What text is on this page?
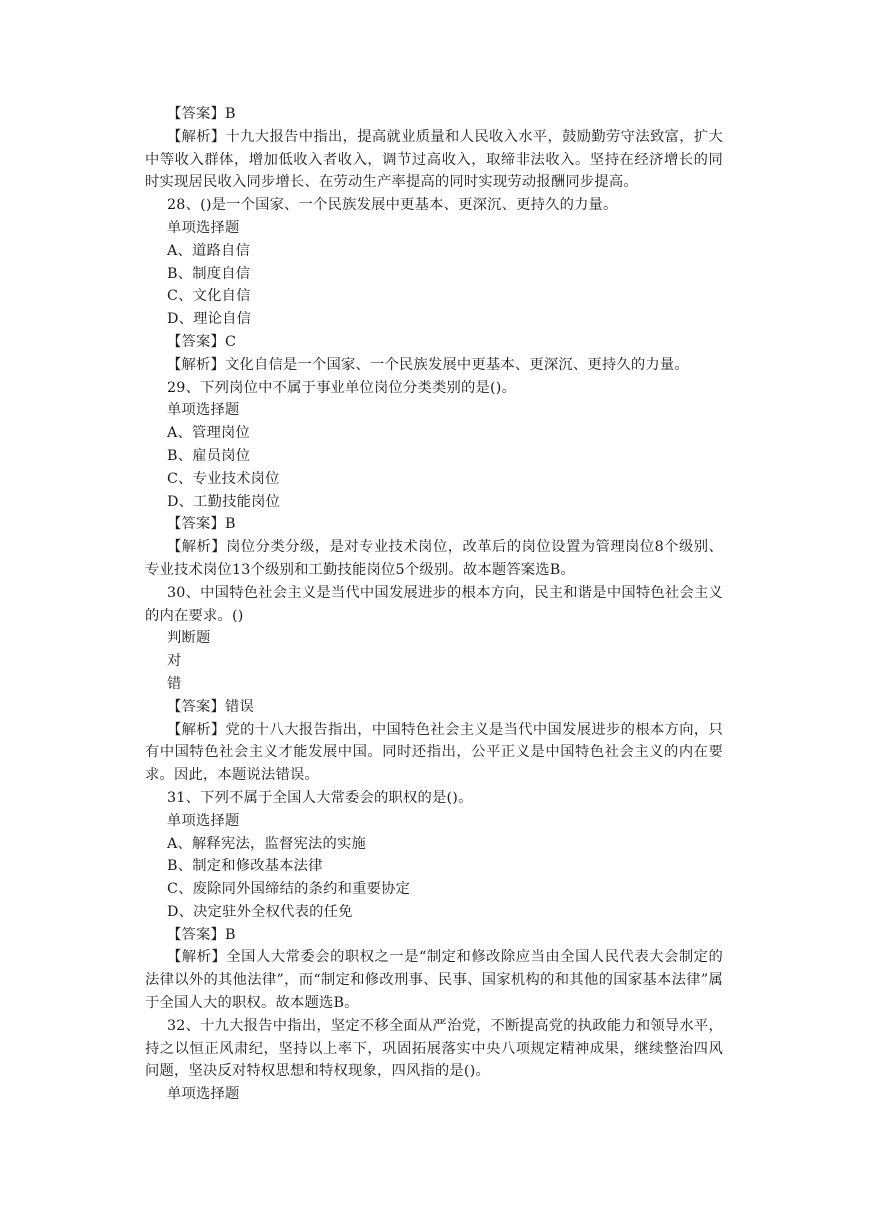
【答案】B

【解析】十九大报告中指出，提高就业质量和人民收入水平，鼓励勤劳守法致富，扩大中等收入群体，增加低收入者收入，调节过高收入，取缔非法收入。坚持在经济增长的同时实现居民收入同步增长、在劳动生产率提高的同时实现劳动报酬同步提高。

28、()是一个国家、一个民族发展中更基本、更深沉、更持久的力量。

单项选择题

A、道路自信

B、制度自信

C、文化自信

D、理论自信

【答案】C

【解析】文化自信是一个国家、一个民族发展中更基本、更深沉、更持久的力量。

29、下列岗位中不属于事业单位岗位分类类别的是()。

单项选择题

A、管理岗位

B、雇员岗位

C、专业技术岗位

D、工勤技能岗位

【答案】B

【解析】岗位分类分级，是对专业技术岗位，改革后的岗位设置为管理岗位8个级别、专业技术岗位13个级别和工勤技能岗位5个级别。故本题答案选B。

30、中国特色社会主义是当代中国发展进步的根本方向，民主和谐是中国特色社会主义的内在要求。()

判断题

对

错

【答案】错误

【解析】党的十八大报告指出，中国特色社会主义是当代中国发展进步的根本方向，只有中国特色社会主义才能发展中国。同时还指出，公平正义是中国特色社会主义的内在要求。因此，本题说法错误。

31、下列不属于全国人大常委会的职权的是()。

单项选择题

A、解释宪法，监督宪法的实施

B、制定和修改基本法律

C、废除同外国缔结的条约和重要协定

D、决定驻外全权代表的任免

【答案】B

【解析】全国人大常委会的职权之一是“制定和修改除应当由全国人民代表大会制定的法律以外的其他法律”，而“制定和修改刑事、民事、国家机构的和其他的国家基本法律”属于全国人大的职权。故本题选B。

32、十九大报告中指出，坚定不移全面从严治党，不断提高党的执政能力和领导水平，持之以恒正风肃纪，坚持以上率下，巩固拓展落实中央八项规定精神成果，继续整治四风问题，坚决反对特权思想和特权现象，四风指的是()。

单项选择题
